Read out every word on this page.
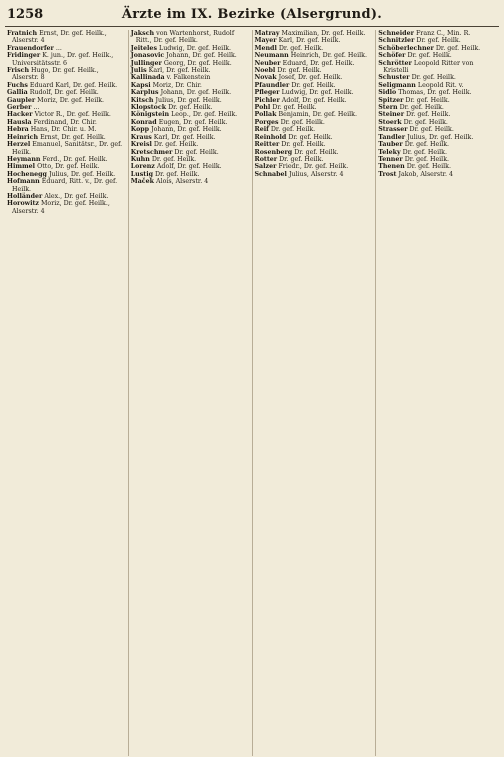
1258	Ärzte im IX. Bezirke (Alsergrund).

Fratnich Ernst, Dr. gef. Heilk., Alserstr. 4

Frauendorfer ...

Fridinger K. jun., Dr. gef. Heilk., Universitätsstr. 6

Frisch Hugo, Dr. gef. Heilk., Alserstr. 8

Fuchs Eduard Karl, Dr. gef. Heilk.

Gallia Rudolf, Dr. gef. Heilk.

Gaupler Moriz, Dr. gef. Heilk.

Gerber ...

Hacker Victor R., Dr. gef. Heilk.

Hausla Ferdinand, Dr. Chir.

Hebra Hans, Dr. Chir. u. M.

Heinrich Ernst, Dr. gef. Heilk.

Herzel Emanuel, Sanitätsr., Dr. gef. Heilk.

Heymann Ferd., Dr. gef. Heilk.

Himmel Otto, Dr. gef. Heilk.

Hochenegg Julius, Dr. gef. Heilk.

Hofmann Eduard, Ritt. v., Dr. gef. Heilk.

Holländer Alex., Dr. gef. Heilk.

Horowitz Moriz, Dr. gef. Heilk., Alserstr. 4

Jaksch von Wartenhorst, Rudolf Ritt., Dr. gef. Heilk.

Jeiteles Ludwig, Dr. gef. Heilk.

Jonasovic Johann, Dr. gef. Heilk.

Jullinger Georg, Dr. gef. Heilk.

Julis Karl, Dr. gef. Heilk.

Kallinada v. Falkenstein

Kapsi Moriz, Dr. Chir.

Karplus Johann, Dr. gef. Heilk.

Kitsch Julius, Dr. gef. Heilk.

Klopstock Dr. gef. Heilk.

Königstein Leop., Dr. gef. Heilk.

Konrad Eugen, Dr. gef. Heilk.

Kopp Johann, Dr. gef. Heilk.

Kraus Karl, Dr. gef. Heilk.

Kreisl Dr. gef. Heilk.

Kretschmer Dr. gef. Heilk.

Kuhn Dr. gef. Heilk.

Lorenz Adolf, Dr. gef. Heilk.

Lustig Dr. gef. Heilk.

Maček Alois, Alserstr. 4

Matray Maximilian, Dr. gef. Heilk.

Mayer Karl, Dr. gef. Heilk.

Mendl Dr. gef. Heilk.

Neumann Heinrich, Dr. gef. Heilk.

Neuber Eduard, Dr. gef. Heilk.

Noebl Dr. gef. Heilk.

Novak Josef, Dr. gef. Heilk.

Pfaundler Dr. gef. Heilk.

Pfleger Ludwig, Dr. gef. Heilk.

Pichler Adolf, Dr. gef. Heilk.

Pohl Dr. gef. Heilk.

Pollak Benjamin, Dr. gef. Heilk.

Porges Dr. gef. Heilk.

Reif Dr. gef. Heilk.

Reinhold Dr. gef. Heilk.

Reitter Dr. gef. Heilk.

Rosenberg Dr. gef. Heilk.

Rotter Dr. gef. Heilk.

Salzer Friedr., Dr. gef. Heilk.

Schnabel Julius, Alserstr. 4

Schneider Franz C., Min. R.

Schnitzler Dr. gef. Heilk.

Schöberlechner Dr. gef. Heilk.

Schöfer Dr. gef. Heilk.

Schrötter Leopold Ritter von Kristelli

Schuster Dr. gef. Heilk.

Seligmann Leopold Rit. v.

Sidlo Thomas, Dr. gef. Heilk.

Spitzer Dr. gef. Heilk.

Stern Dr. gef. Heilk.

Steiner Dr. gef. Heilk.

Stoerk Dr. gef. Heilk.

Strasser Dr. gef. Heilk.

Tandler Julius, Dr. gef. Heilk.

Tauber Dr. gef. Heilk.

Teleky Dr. gef. Heilk.

Tenner Dr. gef. Heilk.

Thenen Dr. gef. Heilk.

Trost Jakob, Alserstr. 4
